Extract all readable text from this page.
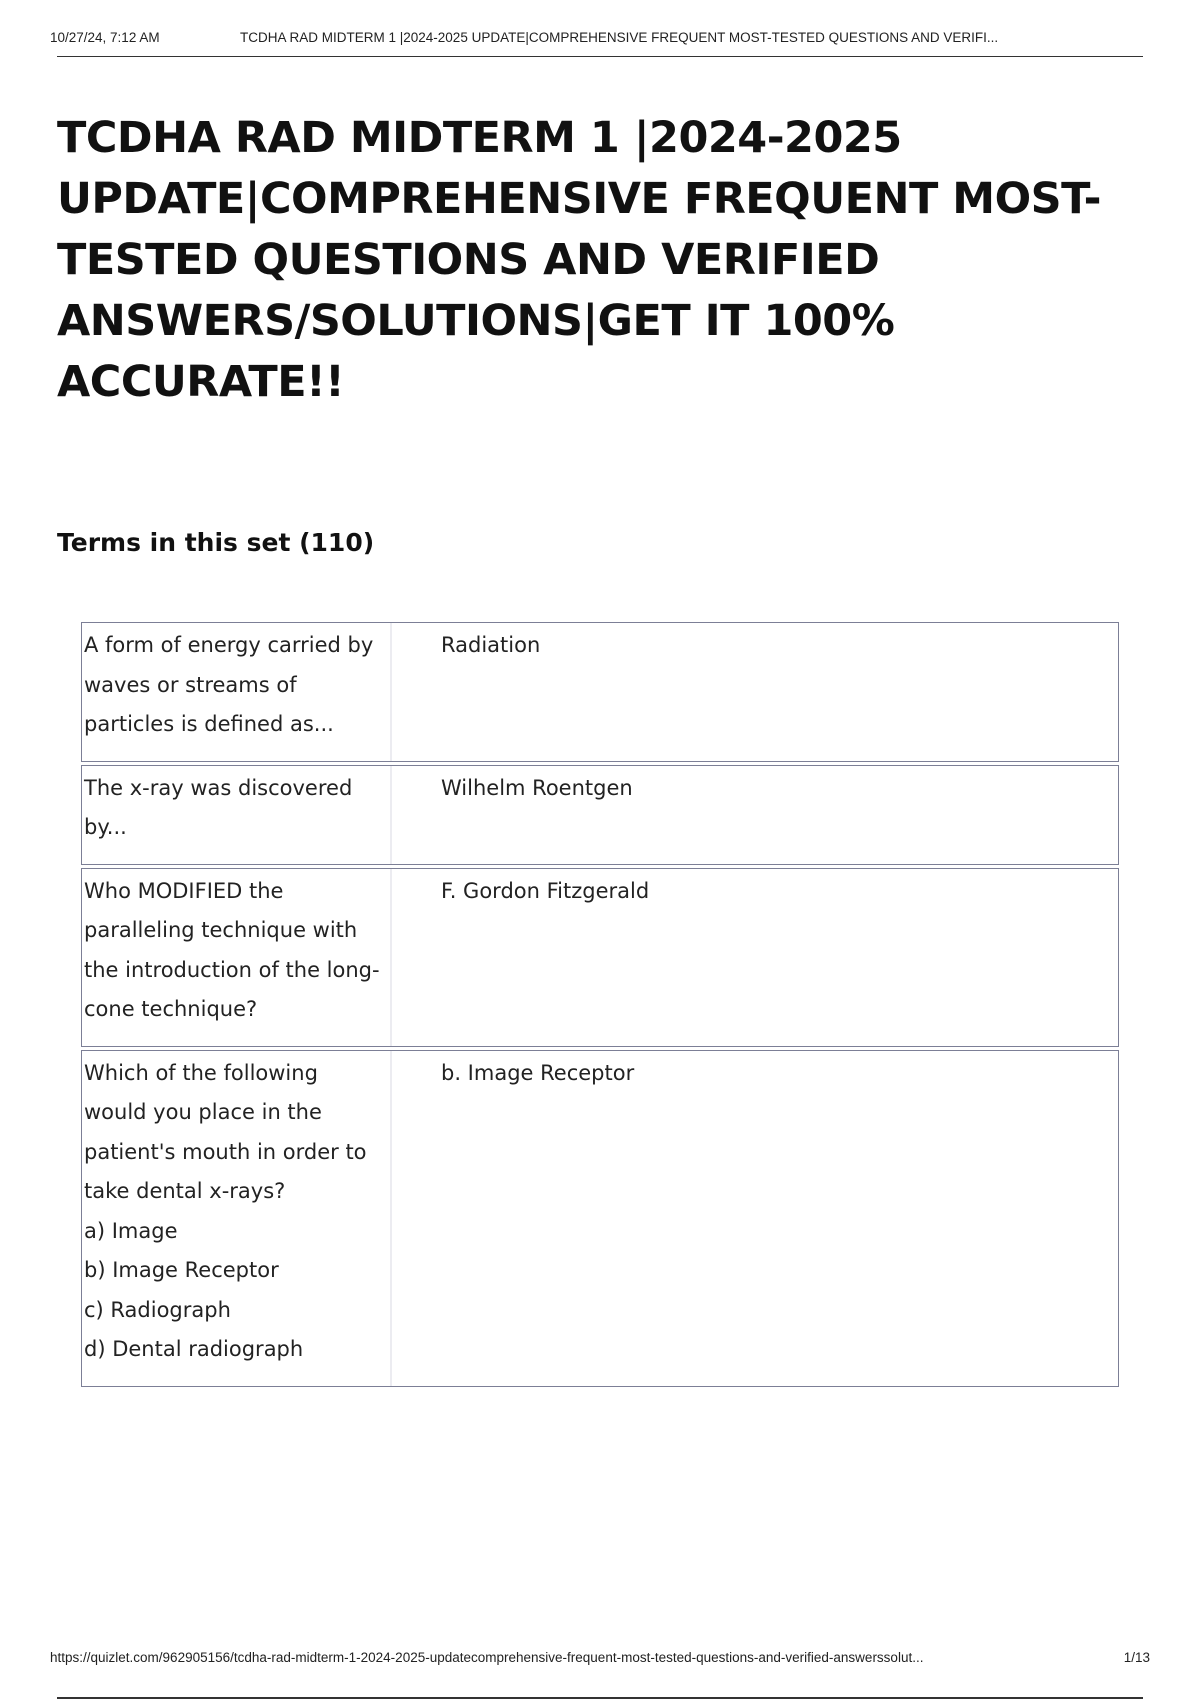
10/27/24, 7:12 AM	TCDHA RAD MIDTERM 1 |2024-2025 UPDATE|COMPREHENSIVE FREQUENT MOST-TESTED QUESTIONS AND VERIFI...
TCDHA RAD MIDTERM 1 |2024-2025 UPDATE|COMPREHENSIVE FREQUENT MOST-TESTED QUESTIONS AND VERIFIED ANSWERS/SOLUTIONS|GET IT 100% ACCURATE!!
Terms in this set (110)
A form of energy carried by waves or streams of particles is defined as...
Radiation
The x-ray was discovered by...
Wilhelm Roentgen
Who MODIFIED the paralleling technique with the introduction of the long-cone technique?
F. Gordon Fitzgerald
Which of the following would you place in the patient's mouth in order to take dental x-rays?
a) Image
b) Image Receptor
c) Radiograph
d) Dental radiograph
b. Image Receptor
https://quizlet.com/962905156/tcdha-rad-midterm-1-2024-2025-updatecomprehensive-frequent-most-tested-questions-and-verified-answerssolut...	1/13
